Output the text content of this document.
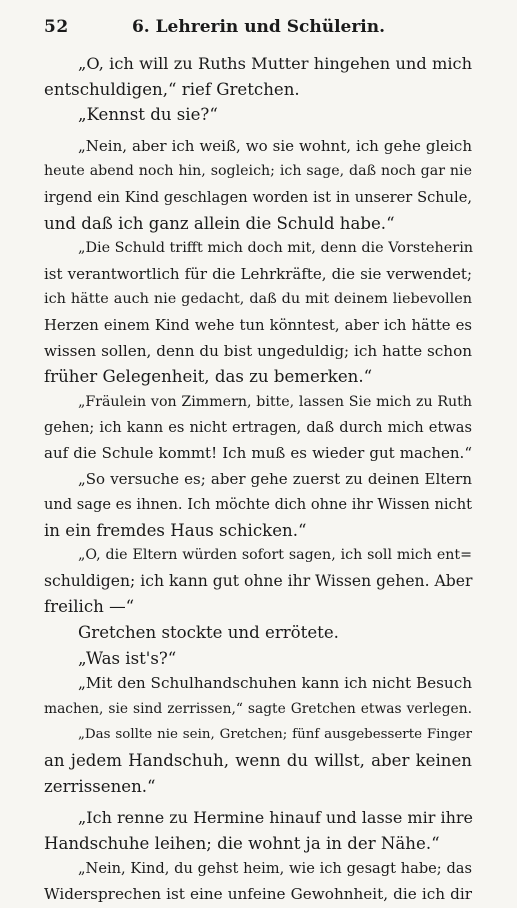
52	6. Lehrerin und Schülerin.
„O, ich will zu Ruths Mutter hingehen und mich
entschuldigen,“ rief Gretchen.
„Kennst du sie?“
„Nein, aber ich weiß, wo sie wohnt, ich gehe gleich
heute abend noch hin, sogleich; ich sage, daß noch gar nie
irgend ein Kind geschlagen worden ist in unserer Schule,
und daß ich ganz allein die Schuld habe.“
„Die Schuld trifft mich doch mit, denn die Vorsteherin
ist verantwortlich für die Lehrkräfte, die sie verwendet;
ich hätte auch nie gedacht, daß du mit deinem liebevollen
Herzen einem Kind wehe tun könntest, aber ich hätte es
wissen sollen, denn du bist ungeduldig; ich hatte schon
früher Gelegenheit, das zu bemerken.“
„Fräulein von Zimmern, bitte, lassen Sie mich zu Ruth
gehen; ich kann es nicht ertragen, daß durch mich etwas
auf die Schule kommt! Ich muß es wieder gut machen.“
„So versuche es; aber gehe zuerst zu deinen Eltern
und sage es ihnen. Ich möchte dich ohne ihr Wissen nicht
in ein fremdes Haus schicken.“
„O, die Eltern würden sofort sagen, ich soll mich ent=
schuldigen; ich kann gut ohne ihr Wissen gehen. Aber
freilich —“
Gretchen stockte und errötete.
„Was ist's?“
„Mit den Schulhandschuhen kann ich nicht Besuch
machen, sie sind zerrissen,“ sagte Gretchen etwas verlegen.
„Das sollte nie sein, Gretchen; fünf ausgebesserte Finger
an jedem Handschuh, wenn du willst, aber keinen
zerrissenen.“
„Ich renne zu Hermine hinauf und lasse mir ihre
Handschuhe leihen; die wohnt ja in der Nähe.“
„Nein, Kind, du gehst heim, wie ich gesagt habe; das
Widersprechen ist eine unfeine Gewohnheit, die ich dir
